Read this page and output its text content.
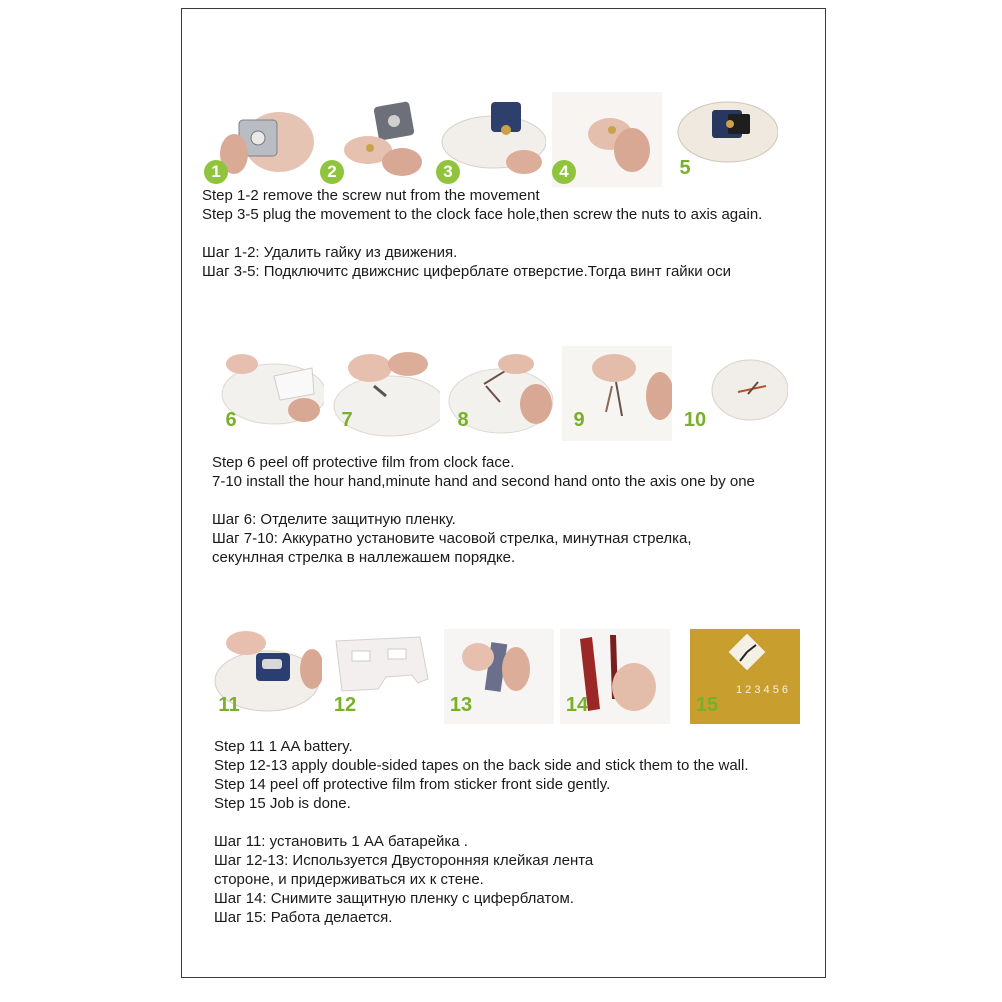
1	2	3	4	5

Step 1-2 remove the screw nut from the movement

Step 3-5 plug the movement to the clock face hole,then screw the nuts to axis again.

Шаг 1-2: Удалить гайку из движения.

Шаг 3-5: Подключитс движснис циферблате отверстие.Тогда винт гайки оси

6	7	8	9	10

Step 6 peel off protective film from clock face.

7-10 install the hour hand,minute hand and second hand onto the axis one by one

Шаг 6: Отделите защитную пленку.

Шаг 7-10: Аккуратно установите часовой стрелка, минутная стрелка,

секунлная стрелка в наллежашем порядке.

11	12	13	14
1 2 3 4 5 6
15

Step 11 1 AA battery.

Step 12-13 apply double-sided tapes on the back side and stick them to the wall.

Step 14 peel off protective film from sticker front side gently.

Step 15 Job is done.

Шаг 11: установить 1 АА батарейка .

Шаг 12-13: Используется Двусторонняя клейкая лента

стороне, и придерживаться их к стене.

Шаг 14: Снимите защитную пленку с циферблатом.

Шаг 15: Работа делается.
